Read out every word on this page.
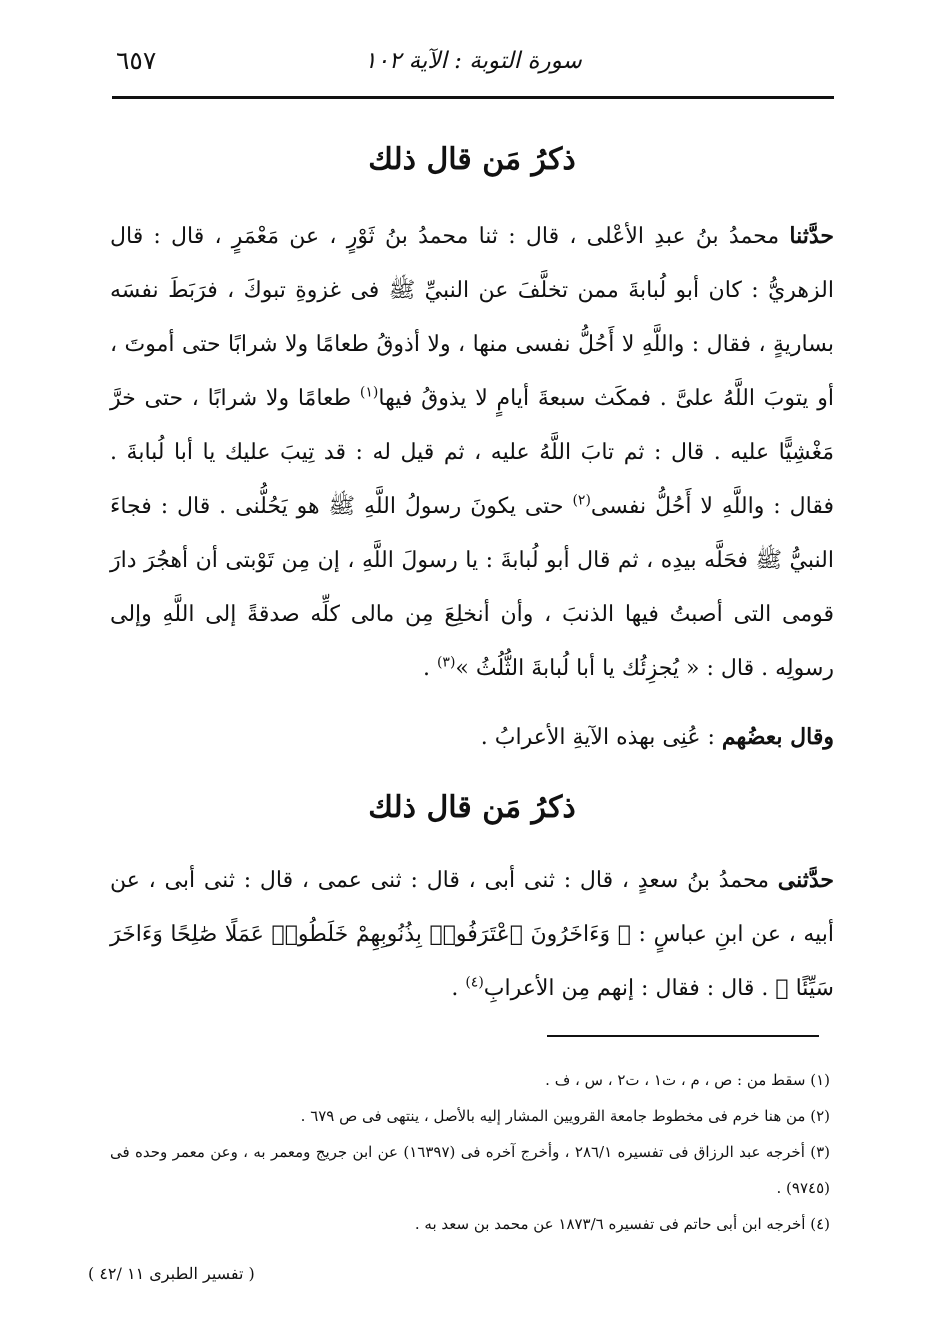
٦٥٧	سورة التوبة : الآية ١٠٢
ذكرُ مَن قال ذلك

حدَّثنا محمدُ بنُ عبدِ الأعْلى ، قال : ثنا محمدُ بنُ ثَوْرٍ ، عن مَعْمَرٍ ، قال : قال الزهريُّ : كان أبو لُبابةَ ممن تخلَّفَ عن النبيِّ ﷺ فى غزوةِ تبوكَ ، فرَبَطَ نفسَه بساريةٍ ، فقال : واللَّهِ لا أَحُلُّ نفسى منها ، ولا أذوقُ طعامًا ولا شرابًا حتى أموتَ ، أو يتوبَ اللَّهُ علىَّ . فمكَث سبعةَ أيامٍ لا يذوقُ فيها$^{(١)}$ طعامًا ولا شرابًا ، حتى خرَّ مَغْشِيًّا عليه . قال : ثم تابَ اللَّهُ عليه ، ثم قيل له : قد تِيبَ عليك يا أبا لُبابةَ . فقال : واللَّهِ لا أَحُلُّ نفسى$^{(٢)}$ حتى يكونَ رسولُ اللَّهِ ﷺ هو يَحُلُّنى . قال : فجاءَ النبيُّ ﷺ فحَلَّه بيدِه ، ثم قال أبو لُبابةَ : يا رسولَ اللَّهِ ، إن مِن تَوْبتى أن أهجُرَ دارَ قومى التى أصبتُ فيها الذنبَ ، وأن أنخلِعَ مِن مالى كلِّه صدقةً إلى اللَّهِ وإلى رسولِه . قال : « يُجزِئُك يا أبا لُبابةَ الثُّلُثُ »$^{(٣)}$ .

وقال بعضُهم : عُنِى بهذه الآيةِ الأعرابُ .

ذكرُ مَن قال ذلك

حدَّثنى محمدُ بنُ سعدٍ ، قال : ثنى أبى ، قال : ثنى عمى ، قال : ثنى أبى ، عن أبيه ، عن ابنِ عباسٍ : ﴿ وَءَاخَرُونَ ٱعْتَرَفُوا۟ بِذُنُوبِهِمْ خَلَطُوا۟ عَمَلًا صَٰلِحًا وَءَاخَرَ سَيِّئًا ﴾ . قال : فقال : إنهم مِن الأعرابِ$^{(٤)}$ .

(١) سقط من : ص ، م ، ت١ ، ت٢ ، س ، ف .

(٢) من هنا خرم فى مخطوط جامعة القرويين المشار إليه بالأصل ، ينتهى فى ص ٦٧٩ .

(٣) أخرجه عبد الرزاق فى تفسيره ٢٨٦/١ ، وأخرج آخره فى (١٦٣٩٧) عن ابن جريج ومعمر به ، وعن معمر وحده فى (٩٧٤٥) .

(٤) أخرجه ابن أبى حاتم فى تفسيره ١٨٧٣/٦ عن محمد بن سعد به .

( تفسير الطبرى ١١ /٤٢ )
